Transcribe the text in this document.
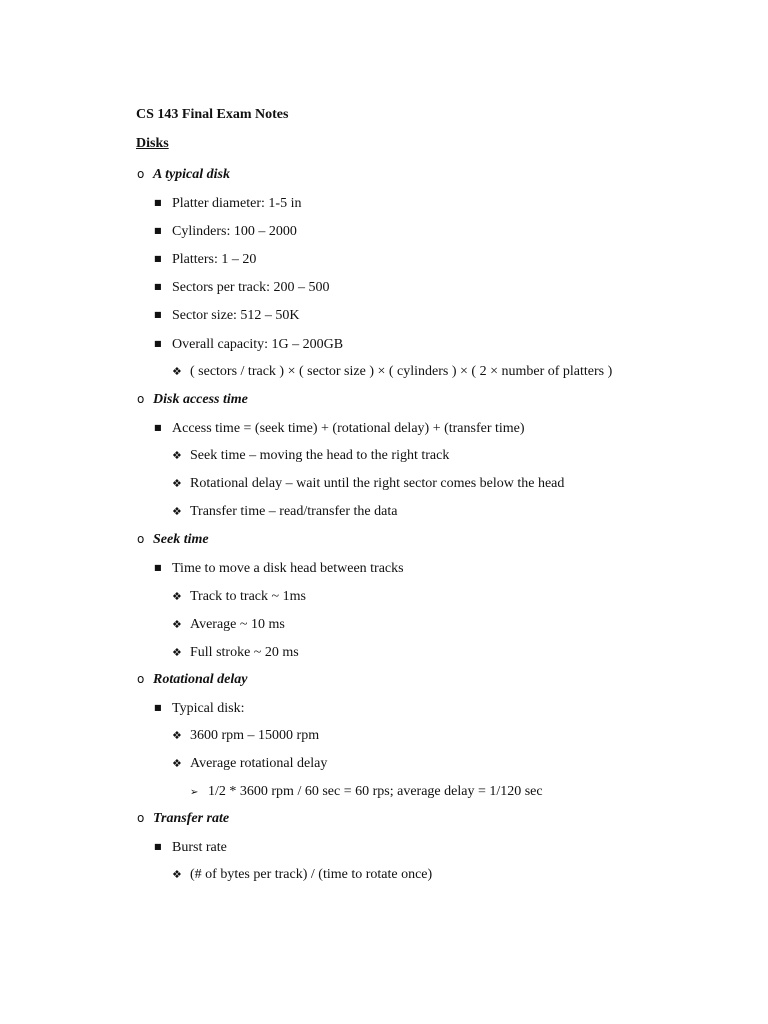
CS 143 Final Exam Notes
Disks
o A typical disk
■ Platter diameter: 1-5 in
■ Cylinders: 100 – 2000
■ Platters: 1 – 20
■ Sectors per track: 200 – 500
■ Sector size: 512 – 50K
■ Overall capacity: 1G – 200GB
❖ ( sectors / track ) × ( sector size ) × ( cylinders ) × ( 2 × number of platters )
o Disk access time
■ Access time = (seek time) + (rotational delay) + (transfer time)
❖ Seek time – moving the head to the right track
❖ Rotational delay – wait until the right sector comes below the head
❖ Transfer time – read/transfer the data
o Seek time
■ Time to move a disk head between tracks
❖ Track to track ~ 1ms
❖ Average ~ 10 ms
❖ Full stroke ~ 20 ms
o Rotational delay
■ Typical disk:
❖ 3600 rpm – 15000 rpm
❖ Average rotational delay
➢ 1/2 * 3600 rpm / 60 sec = 60 rps; average delay = 1/120 sec
o Transfer rate
■ Burst rate
❖ (# of bytes per track) / (time to rotate once)
